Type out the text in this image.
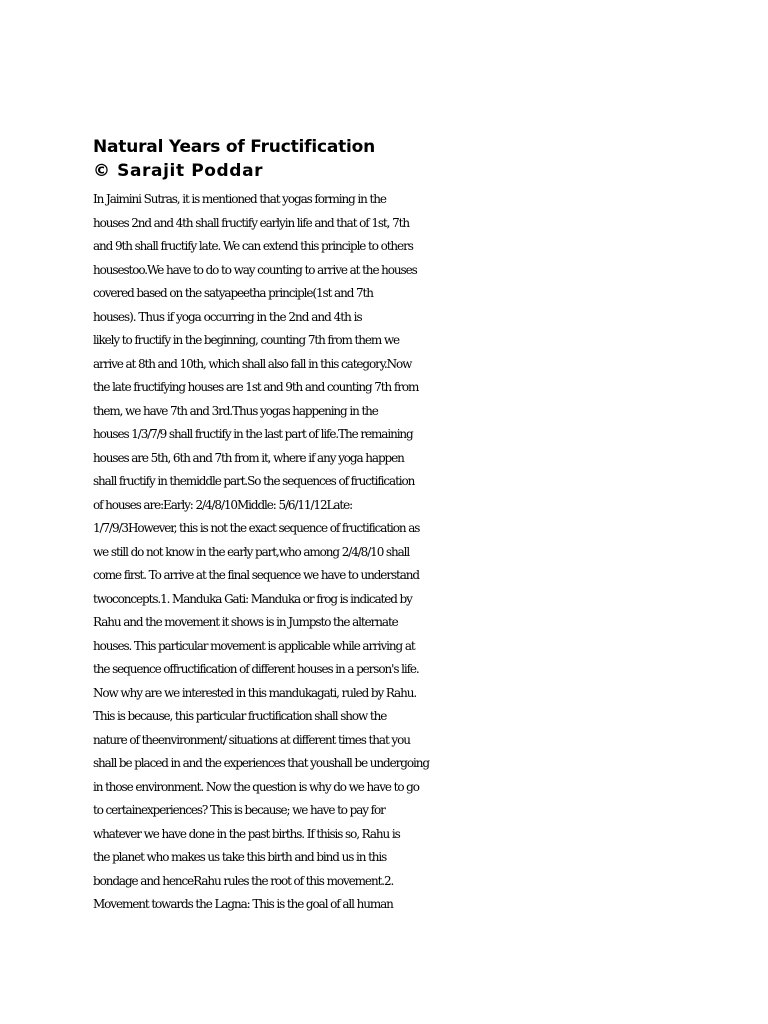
Natural Years of Fructification
© Sarajit Poddar
In Jaimini Sutras, it is mentioned that yogas forming in the
houses 2nd and 4th shall fructify earlyin life and that of 1st, 7th
and 9th shall fructify late. We can extend this principle to others
housestoo.We have to do to way counting to arrive at the houses
covered based on the satyapeetha principle(1st and 7th
houses). Thus if yoga occurring in the 2nd and 4th is
likely to fructify in the beginning, counting 7th from them we
arrive at 8th and 10th, which shall also fall in this category.Now
the late fructifying houses are 1st and 9th and counting 7th from
them, we have 7th and 3rd.Thus yogas happening in the
houses 1/3/7/9 shall fructify in the last part of life.The remaining
houses are 5th, 6th and 7th from it, where if any yoga happen
shall fructify in themiddle part.So the sequences of fructification
of houses are:Early: 2/4/8/10Middle: 5/6/11/12Late:
1/7/9/3However, this is not the exact sequence of fructification as
we still do not know in the early part,who among 2/4/8/10 shall
come first. To arrive at the final sequence we have to understand
twoconcepts.1. Manduka Gati: Manduka or frog is indicated by
Rahu and the movement it shows is in Jumpsto the alternate
houses. This particular movement is applicable while arriving at
the sequence offructification of different houses in a person's life.
Now why are we interested in this mandukagati, ruled by Rahu.
This is because, this particular fructification shall show the
nature of theenvironment/ situations at different times that you
shall be placed in and the experiences that youshall be undergoing
in those environment. Now the question is why do we have to go
to certainexperiences? This is because; we have to pay for
whatever we have done in the past births. If thisis so, Rahu is
the planet who makes us take this birth and bind us in this
bondage and henceRahu rules the root of this movement.2.
Movement towards the Lagna: This is the goal of all human
